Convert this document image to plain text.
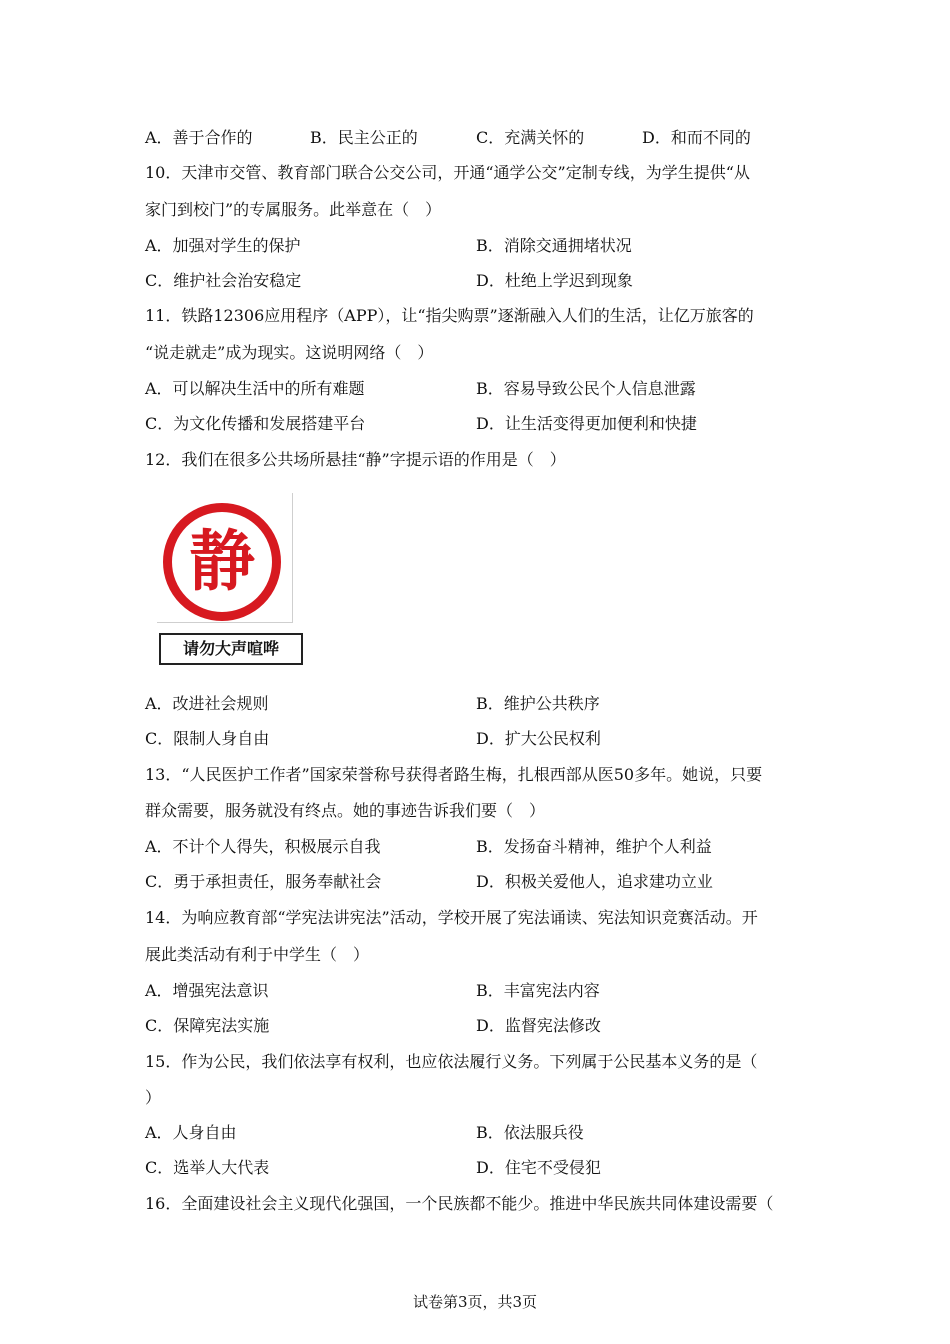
A．善于合作的	B．民主公正的	C．充满关怀的	D．和而不同的
10．天津市交管、教育部门联合公交公司，开通“通学公交”定制专线，为学生提供“从
家门到校门”的专属服务。此举意在（　）
A．加强对学生的保护	B．消除交通拥堵状况
C．维护社会治安稳定	D．杜绝上学迟到现象
11．铁路12306应用程序（APP），让“指尖购票”逐渐融入人们的生活，让亿万旅客的
“说走就走”成为现实。这说明网络（　）
A．可以解决生活中的所有难题	B．容易导致公民个人信息泄露
C．为文化传播和发展搭建平台	D．让生活变得更加便利和快捷
12．我们在很多公共场所悬挂“静”字提示语的作用是（　）
静
请勿大声喧哗
A．改进社会规则	B．维护公共秩序
C．限制人身自由	D．扩大公民权利
13．“人民医护工作者”国家荣誉称号获得者路生梅，扎根西部从医50多年。她说，只要
群众需要，服务就没有终点。她的事迹告诉我们要（　）
A．不计个人得失，积极展示自我	B．发扬奋斗精神，维护个人利益
C．勇于承担责任，服务奉献社会	D．积极关爱他人，追求建功立业
14．为响应教育部“学宪法讲宪法”活动，学校开展了宪法诵读、宪法知识竞赛活动。开
展此类活动有利于中学生（　）
A．增强宪法意识	B．丰富宪法内容
C．保障宪法实施	D．监督宪法修改
15．作为公民，我们依法享有权利，也应依法履行义务。下列属于公民基本义务的是（
）
A．人身自由	B．依法服兵役
C．选举人大代表	D．住宅不受侵犯
16．全面建设社会主义现代化强国，一个民族都不能少。推进中华民族共同体建设需要（
试卷第3页，共3页
